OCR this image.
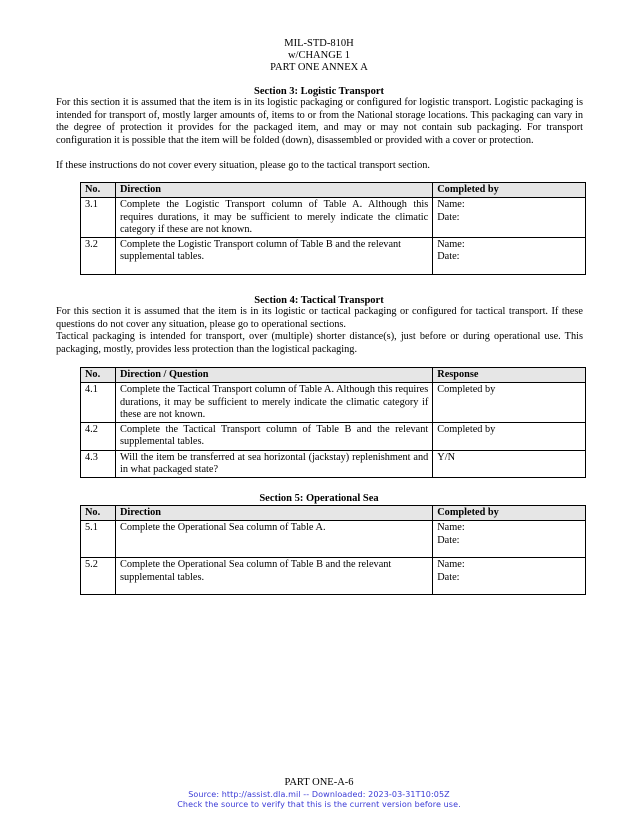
MIL-STD-810H
w/CHANGE 1
PART ONE ANNEX A
Section 3: Logistic Transport
For this section it is assumed that the item is in its logistic packaging or configured for logistic transport. Logistic packaging is intended for transport of, mostly larger amounts of, items to or from the National storage locations. This packaging can vary in the degree of protection it provides for the packaged item, and may or may not contain sub packaging. For transport configuration it is possible that the item will be folded (down), disassembled or provided with a cover or protection.
If these instructions do not cover every situation, please go to the tactical transport section.
No.	Direction	Completed by
3.1	Complete the Logistic Transport column of Table A. Although this requires durations, it may be sufficient to merely indicate the climatic category if these are not known.	Name:
Date:

3.2	Complete the Logistic Transport column of Table B and the relevant supplemental tables.	Name:
Date:
Section 4: Tactical Transport
For this section it is assumed that the item is in its logistic or tactical packaging or configured for tactical transport. If these questions do not cover any situation, please go to operational sections.
Tactical packaging is intended for transport, over (multiple) shorter distance(s), just before or during operational use. This packaging, mostly, provides less protection than the logistical packaging.
No.	Direction / Question	Response
4.1	Complete the Tactical Transport column of Table A. Although this requires durations, it may be sufficient to merely indicate the climatic category if these are not known.	Completed by
4.2	Complete the Tactical Transport column of Table B and the relevant supplemental tables.	Completed by
4.3	Will the item be transferred at sea horizontal (jackstay) replenishment and in what packaged state?	Y/N
Section 5: Operational Sea
No.	Direction	Completed by
5.1	Complete the Operational Sea column of Table A.	Name:
Date:

5.2	Complete the Operational Sea column of Table B and the relevant supplemental tables.	Name:
Date:
PART ONE-A-6
Source: http://assist.dla.mil -- Downloaded: 2023-03-31T10:05Z
Check the source to verify that this is the current version before use.
